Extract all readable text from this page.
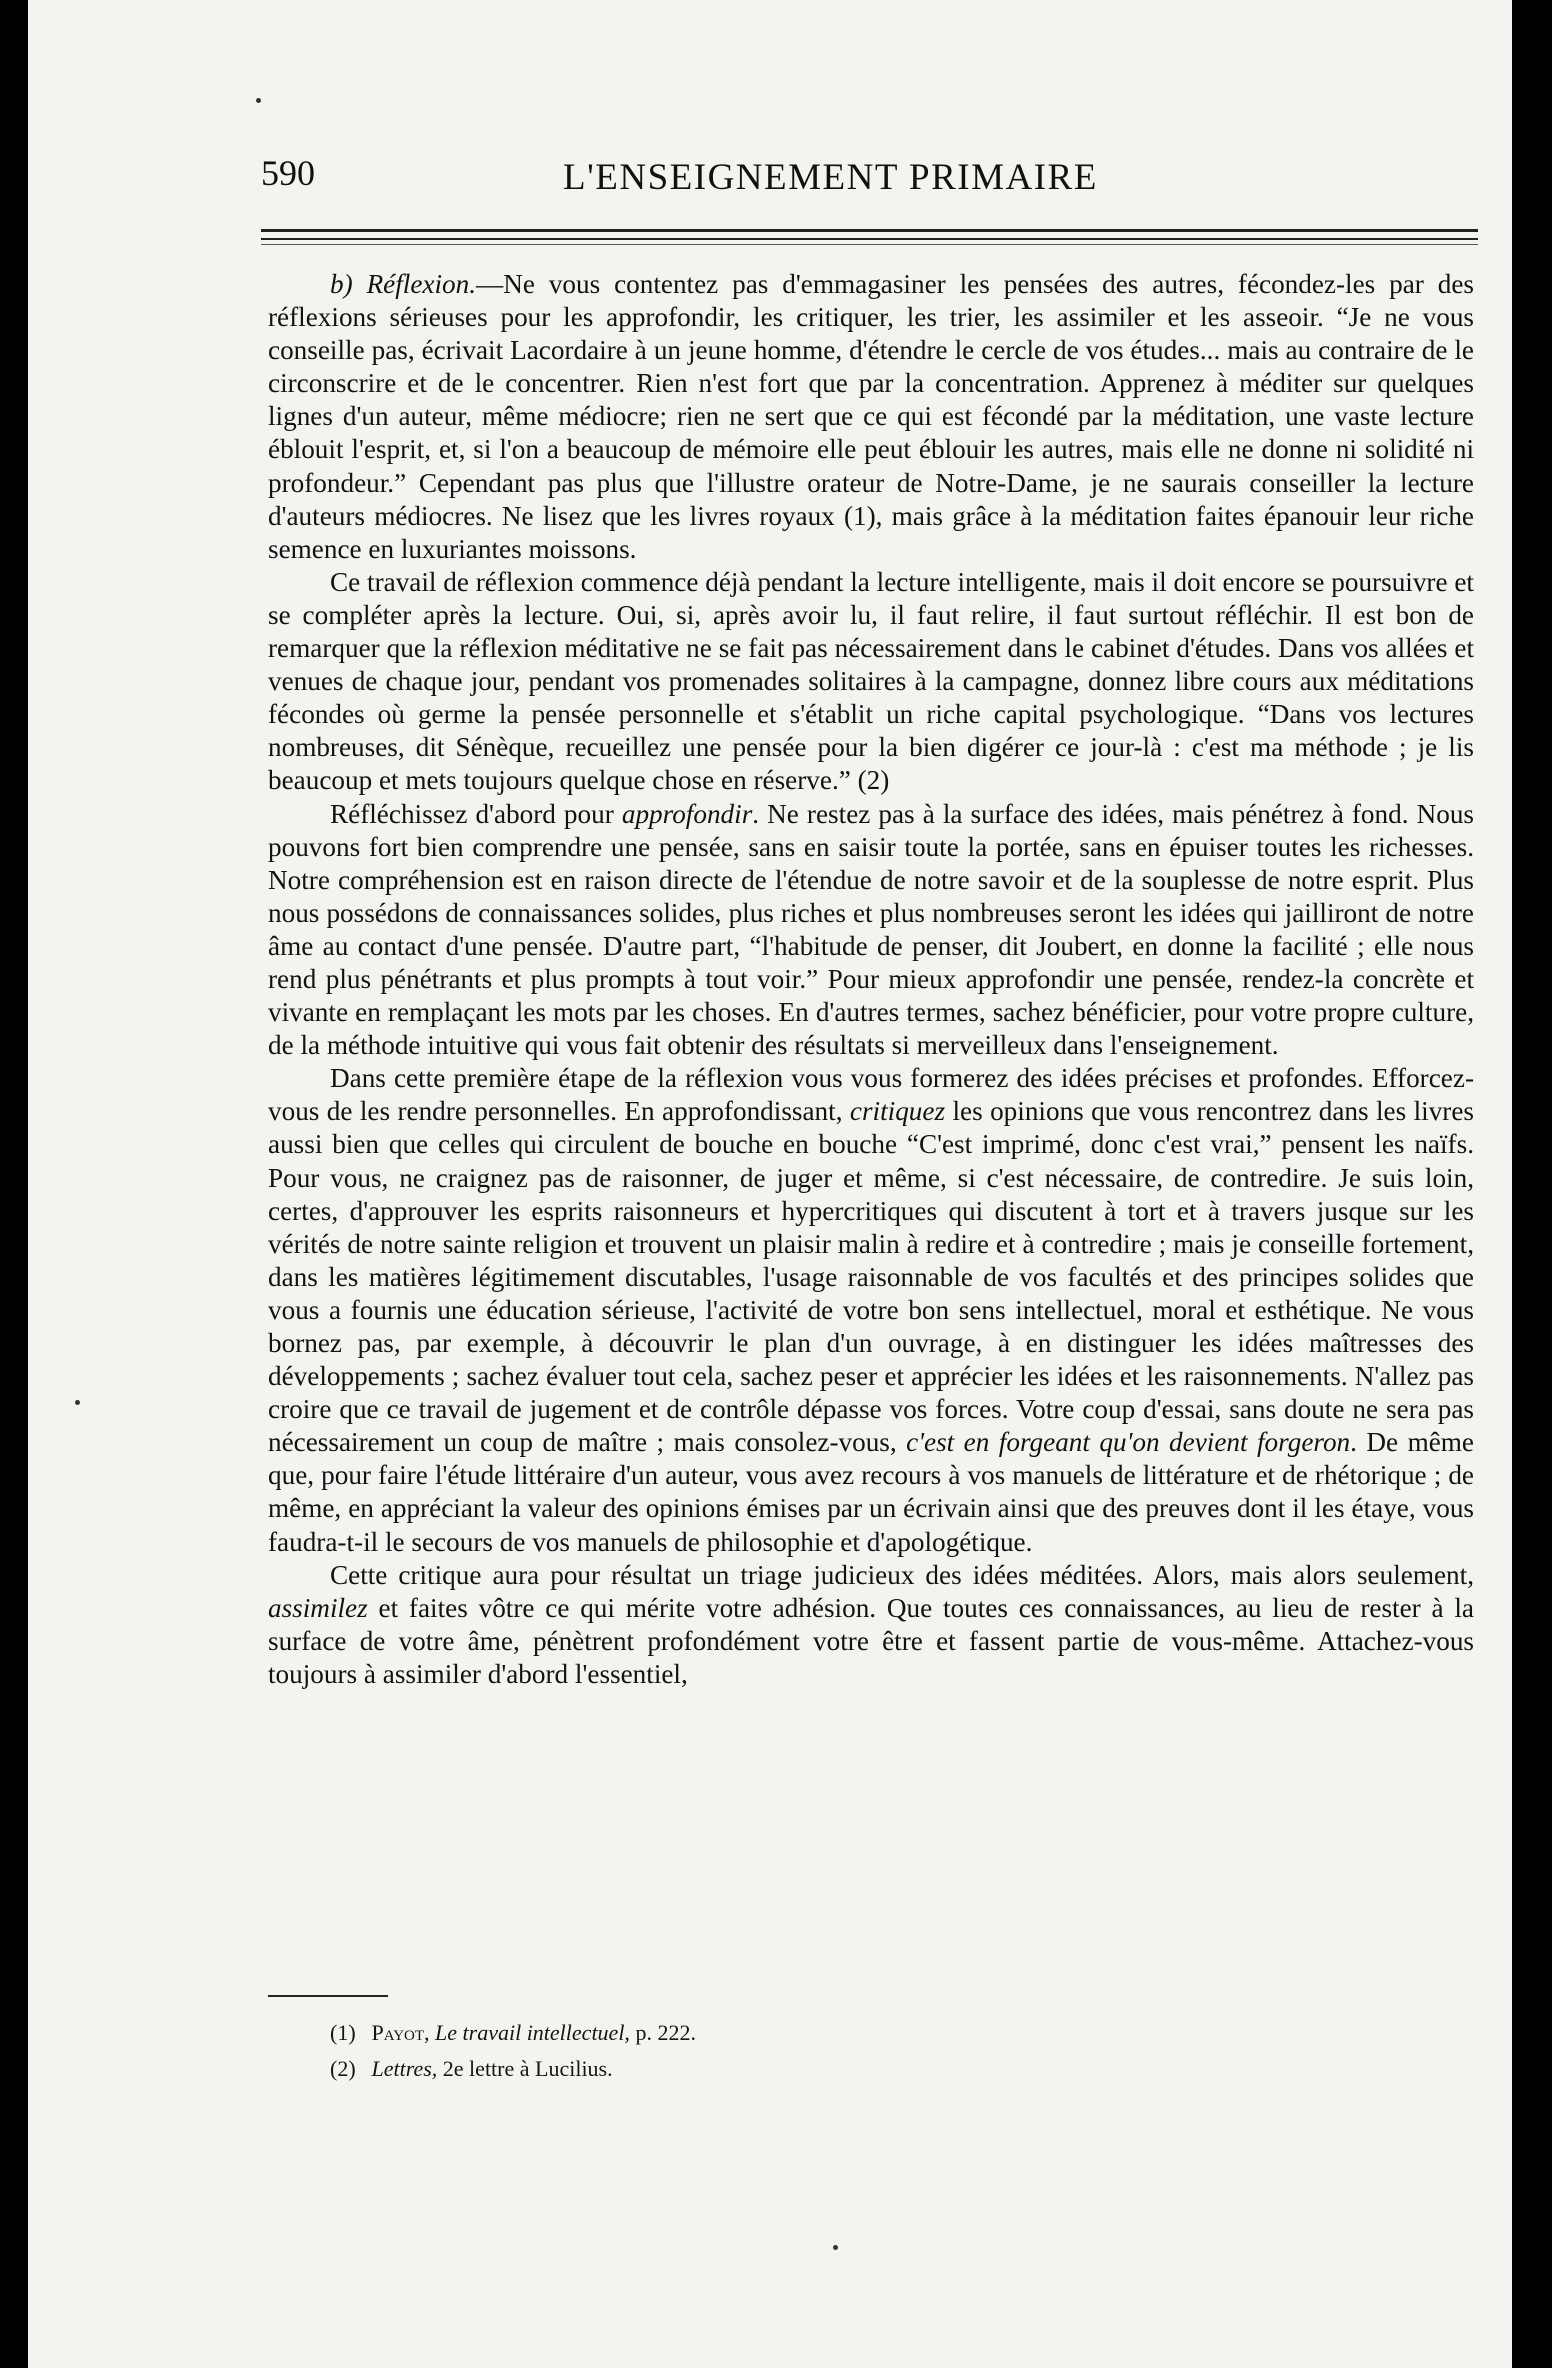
590	L'ENSEIGNEMENT PRIMAIRE

b) Réflexion.—Ne vous contentez pas d'emmagasiner les pensées des autres, fécondez-les par des réflexions sérieuses pour les approfondir, les critiquer, les trier, les assimiler et les asseoir. “Je ne vous conseille pas, écrivait Lacordaire à un jeune homme, d'étendre le cercle de vos études... mais au contraire de le circonscrire et de le concentrer. Rien n'est fort que par la concentration. Apprenez à méditer sur quelques lignes d'un auteur, même médiocre; rien ne sert que ce qui est fécondé par la méditation, une vaste lecture éblouit l'esprit, et, si l'on a beaucoup de mémoire elle peut éblouir les autres, mais elle ne donne ni solidité ni profondeur.” Cependant pas plus que l'illustre orateur de Notre-Dame, je ne saurais conseiller la lecture d'auteurs médiocres. Ne lisez que les livres royaux (1), mais grâce à la méditation faites épanouir leur riche semence en luxuriantes moissons.

Ce travail de réflexion commence déjà pendant la lecture intelligente, mais il doit encore se poursuivre et se compléter après la lecture. Oui, si, après avoir lu, il faut relire, il faut surtout réfléchir. Il est bon de remarquer que la réflexion méditative ne se fait pas nécessairement dans le cabinet d'études. Dans vos allées et venues de chaque jour, pendant vos promenades solitaires à la campagne, donnez libre cours aux méditations fécondes où germe la pensée personnelle et s'établit un riche capital psychologique. “Dans vos lectures nombreuses, dit Sénèque, recueillez une pensée pour la bien digérer ce jour-là : c'est ma méthode ; je lis beaucoup et mets toujours quelque chose en réserve.” (2)

Réfléchissez d'abord pour approfondir. Ne restez pas à la surface des idées, mais pénétrez à fond. Nous pouvons fort bien comprendre une pensée, sans en saisir toute la portée, sans en épuiser toutes les richesses. Notre compréhension est en raison directe de l'étendue de notre savoir et de la souplesse de notre esprit. Plus nous possédons de connaissances solides, plus riches et plus nombreuses seront les idées qui jailliront de notre âme au contact d'une pensée. D'autre part, “l'habitude de penser, dit Joubert, en donne la facilité ; elle nous rend plus pénétrants et plus prompts à tout voir.” Pour mieux approfondir une pensée, rendez-la concrète et vivante en remplaçant les mots par les choses. En d'autres termes, sachez bénéficier, pour votre propre culture, de la méthode intuitive qui vous fait obtenir des résultats si merveilleux dans l'enseignement.

Dans cette première étape de la réflexion vous vous formerez des idées précises et profondes. Efforcez-vous de les rendre personnelles. En approfondissant, critiquez les opinions que vous rencontrez dans les livres aussi bien que celles qui circulent de bouche en bouche “C'est imprimé, donc c'est vrai,” pensent les naïfs. Pour vous, ne craignez pas de raisonner, de juger et même, si c'est nécessaire, de contredire. Je suis loin, certes, d'approuver les esprits raisonneurs et hypercritiques qui discutent à tort et à travers jusque sur les vérités de notre sainte religion et trouvent un plaisir malin à redire et à contredire ; mais je conseille fortement, dans les matières légitimement discutables, l'usage raisonnable de vos facultés et des principes solides que vous a fournis une éducation sérieuse, l'activité de votre bon sens intellectuel, moral et esthétique. Ne vous bornez pas, par exemple, à découvrir le plan d'un ouvrage, à en distinguer les idées maîtresses des développements ; sachez évaluer tout cela, sachez peser et apprécier les idées et les raisonnements. N'allez pas croire que ce travail de jugement et de contrôle dépasse vos forces. Votre coup d'essai, sans doute ne sera pas nécessairement un coup de maître ; mais consolez-vous, c'est en forgeant qu'on devient forgeron. De même que, pour faire l'étude littéraire d'un auteur, vous avez recours à vos manuels de littérature et de rhétorique ; de même, en appréciant la valeur des opinions émises par un écrivain ainsi que des preuves dont il les étaye, vous faudra-t-il le secours de vos manuels de philosophie et d'apologétique.

Cette critique aura pour résultat un triage judicieux des idées méditées. Alors, mais alors seulement, assimilez et faites vôtre ce qui mérite votre adhésion. Que toutes ces connaissances, au lieu de rester à la surface de votre âme, pénètrent profondément votre être et fassent partie de vous-même. Attachez-vous toujours à assimiler d'abord l'essentiel,

(1) Payot, Le travail intellectuel, p. 222.
(2) Lettres, 2e lettre à Lucilius.
